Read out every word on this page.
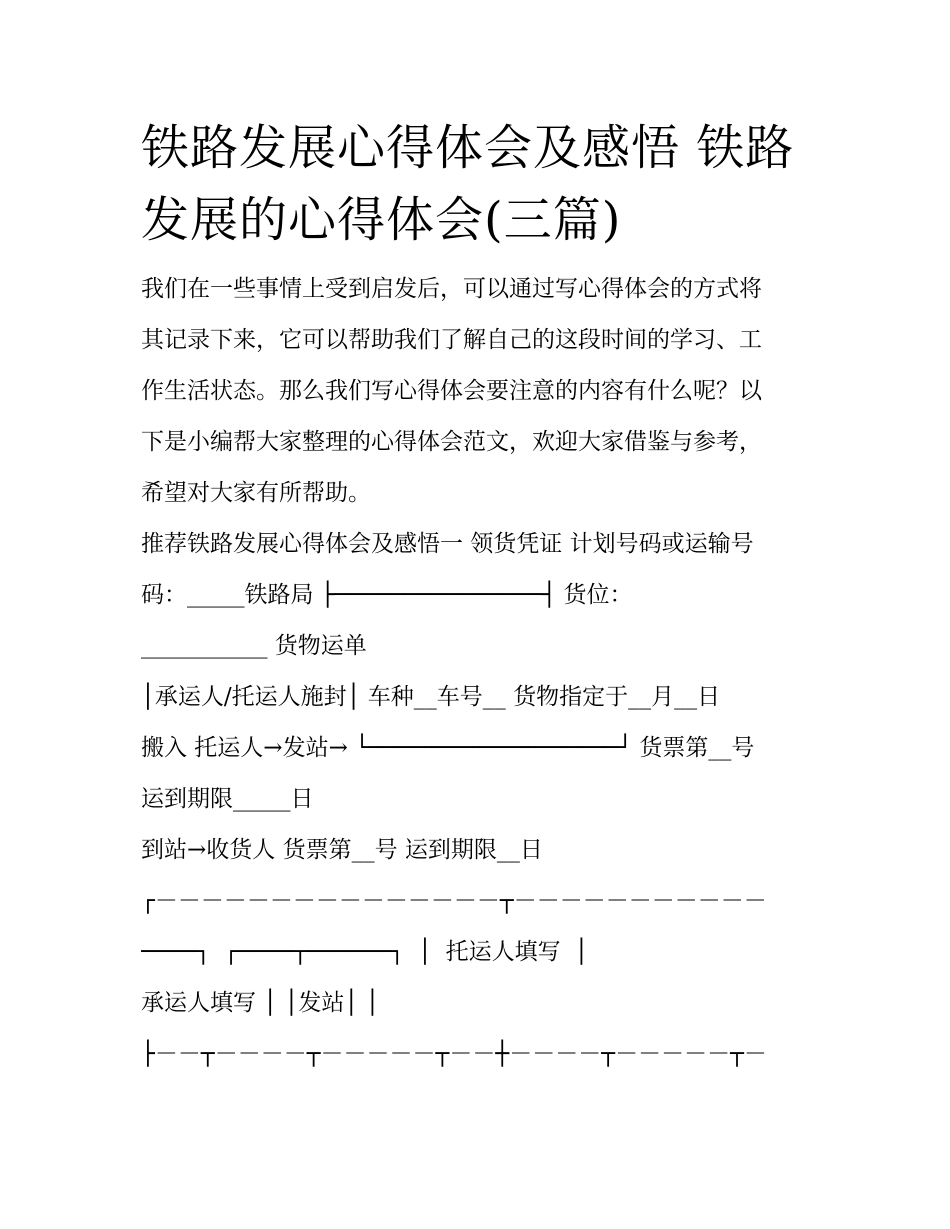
铁路发展心得体会及感悟 铁路
发展的心得体会(三篇)
我们在一些事情上受到启发后，可以通过写心得体会的方式将
其记录下来，它可以帮助我们了解自己的这段时间的学习、工
作生活状态。那么我们写心得体会要注意的内容有什么呢？以
下是小编帮大家整理的心得体会范文，欢迎大家借鉴与参考，
希望对大家有所帮助。
推荐铁路发展心得体会及感悟一 领货凭证 计划号码或运输号
码：_____铁路局 ├───────────────┤ 货位：
___________ 货物运单
│承运人/托运人施封│ 车种__车号__ 货物指定于__月__日
搬入 托运人→发站→ └──────────────────┘ 货票第__号
运到期限_____日
到站→收货人 货票第__号 运到期限__日
┌－－－－－－－－－－－－－－－┬－－－－－－－－－－－
────┐ ┌────┬──────┐ │ 托运人填写 │
承运人填写 │ │发站│ │
├－－┬－－－－┬－－－－－┬－－┼－－－－┬－－－－－┬－
